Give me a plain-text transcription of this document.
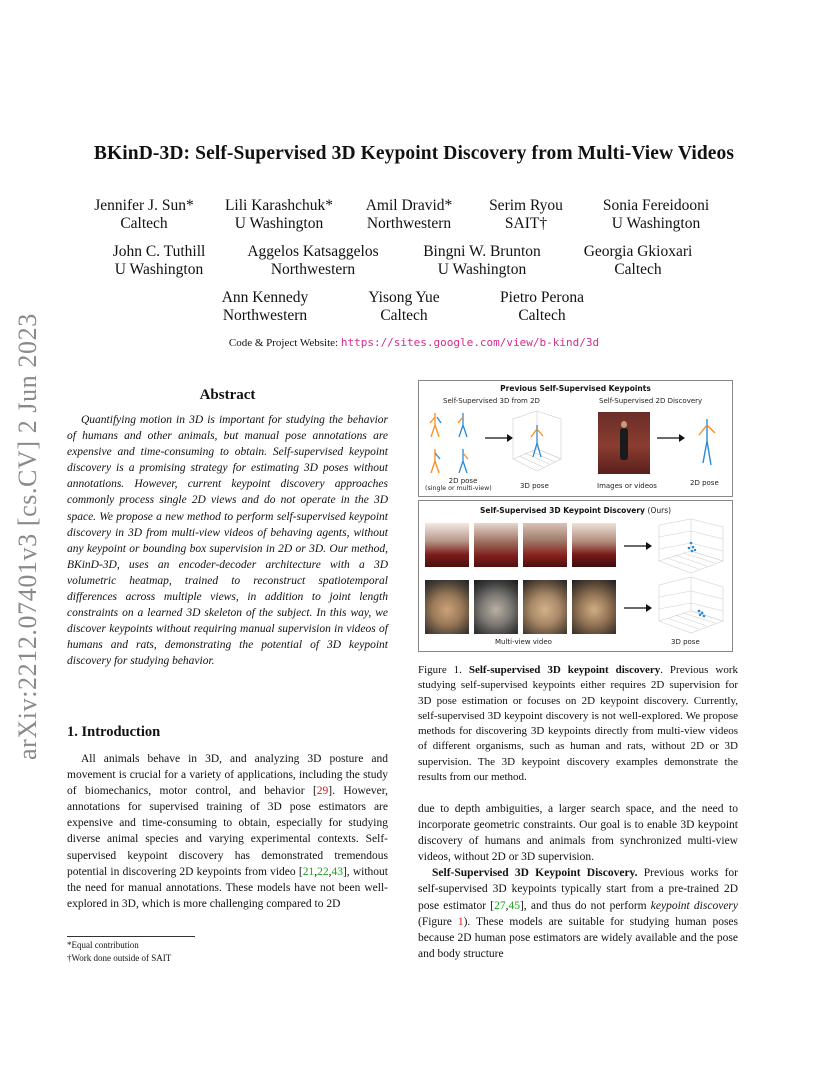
arXiv:2212.07401v3 [cs.CV] 2 Jun 2023
BKinD-3D: Self-Supervised 3D Keypoint Discovery from Multi-View Videos
Jennifer J. Sun*
Caltech
Lili Karashchuk*
U Washington
Amil Dravid*
Northwestern
Serim Ryou
SAIT†
Sonia Fereidooni
U Washington
John C. Tuthill
U Washington
Aggelos Katsaggelos
Northwestern
Bingni W. Brunton
U Washington
Georgia Gkioxari
Caltech
Ann Kennedy
Northwestern
Yisong Yue
Caltech
Pietro Perona
Caltech
Code & Project Website: https://sites.google.com/view/b-kind/3d
Abstract
Quantifying motion in 3D is important for studying the behavior of humans and other animals, but manual pose annotations are expensive and time-consuming to obtain. Self-supervised keypoint discovery is a promising strategy for estimating 3D poses without annotations. However, current keypoint discovery approaches commonly process single 2D views and do not operate in the 3D space. We propose a new method to perform self-supervised keypoint discovery in 3D from multi-view videos of behaving agents, without any keypoint or bounding box supervision in 2D or 3D. Our method, BKinD-3D, uses an encoder-decoder architecture with a 3D volumetric heatmap, trained to reconstruct spatiotemporal differences across multiple views, in addition to joint length constraints on a learned 3D skeleton of the subject. In this way, we discover keypoints without requiring manual supervision in videos of humans and rats, demonstrating the potential of 3D keypoint discovery for studying behavior.
1. Introduction

All animals behave in 3D, and analyzing 3D posture and movement is crucial for a variety of applications, including the study of biomechanics, motor control, and behavior [29]. However, annotations for supervised training of 3D pose estimators are expensive and time-consuming to obtain, especially for studying diverse animal species and varying experimental contexts. Self-supervised keypoint discovery has demonstrated tremendous potential in discovering 2D keypoints from video [21,22,43], without the need for manual annotations. These models have not been well-explored in 3D, which is more challenging compared to 2D

*Equal contribution
†Work done outside of SAIT
Previous Self-Supervised Keypoints
Self-Supervised 3D from 2D	Self-Supervised 2D Discovery
2D pose
(single or multi-view)	3D pose	Images or videos	2D pose
Self-Supervised 3D Keypoint Discovery (Ours)
Multi-view video	3D pose
Figure 1. Self-supervised 3D keypoint discovery. Previous work studying self-supervised keypoints either requires 2D supervision for 3D pose estimation or focuses on 2D keypoint discovery. Currently, self-supervised 3D keypoint discovery is not well-explored. We propose methods for discovering 3D keypoints directly from multi-view videos of different organisms, such as human and rats, without 2D or 3D supervision. The 3D keypoint discovery examples demonstrate the results from our method.

due to depth ambiguities, a larger search space, and the need to incorporate geometric constraints. Our goal is to enable 3D keypoint discovery of humans and animals from synchronized multi-view videos, without 2D or 3D supervision.

Self-Supervised 3D Keypoint Discovery. Previous works for self-supervised 3D keypoints typically start from a pre-trained 2D pose estimator [27,45], and thus do not perform keypoint discovery (Figure 1). These models are suitable for studying human poses because 2D human pose estimators are widely available and the pose and body structure
